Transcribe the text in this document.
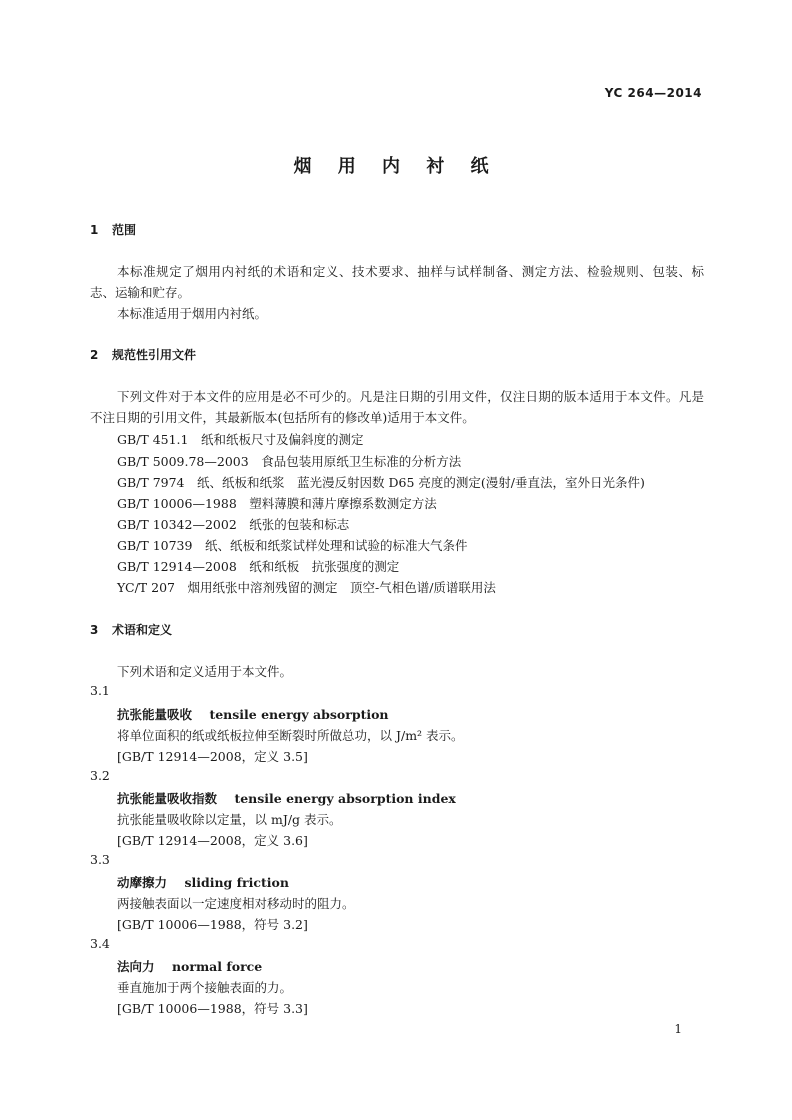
YC 264—2014
烟 用 内 衬 纸
1 范围
本标准规定了烟用内衬纸的术语和定义、技术要求、抽样与试样制备、测定方法、检验规则、包装、标志、运输和贮存。
本标准适用于烟用内衬纸。
2 规范性引用文件
下列文件对于本文件的应用是必不可少的。凡是注日期的引用文件，仅注日期的版本适用于本文件。凡是不注日期的引用文件，其最新版本(包括所有的修改单)适用于本文件。
GB/T 451.1　纸和纸板尺寸及偏斜度的测定
GB/T 5009.78—2003　食品包装用原纸卫生标准的分析方法
GB/T 7974　纸、纸板和纸浆　蓝光漫反射因数 D65 亮度的测定(漫射/垂直法，室外日光条件)
GB/T 10006—1988　塑料薄膜和薄片摩擦系数测定方法
GB/T 10342—2002　纸张的包装和标志
GB/T 10739　纸、纸板和纸浆试样处理和试验的标准大气条件
GB/T 12914—2008　纸和纸板　抗张强度的测定
YC/T 207　烟用纸张中溶剂残留的测定　顶空-气相色谱/质谱联用法
3 术语和定义
下列术语和定义适用于本文件。
3.1
抗张能量吸收 tensile energy absorption
将单位面积的纸或纸板拉伸至断裂时所做总功，以 J/m² 表示。
[GB/T 12914—2008，定义 3.5]
3.2
抗张能量吸收指数 tensile energy absorption index
抗张能量吸收除以定量，以 mJ/g 表示。
[GB/T 12914—2008，定义 3.6]
3.3
动摩擦力 sliding friction
两接触表面以一定速度相对移动时的阻力。
[GB/T 10006—1988，符号 3.2]
3.4
法向力 normal force
垂直施加于两个接触表面的力。
[GB/T 10006—1988，符号 3.3]
1
